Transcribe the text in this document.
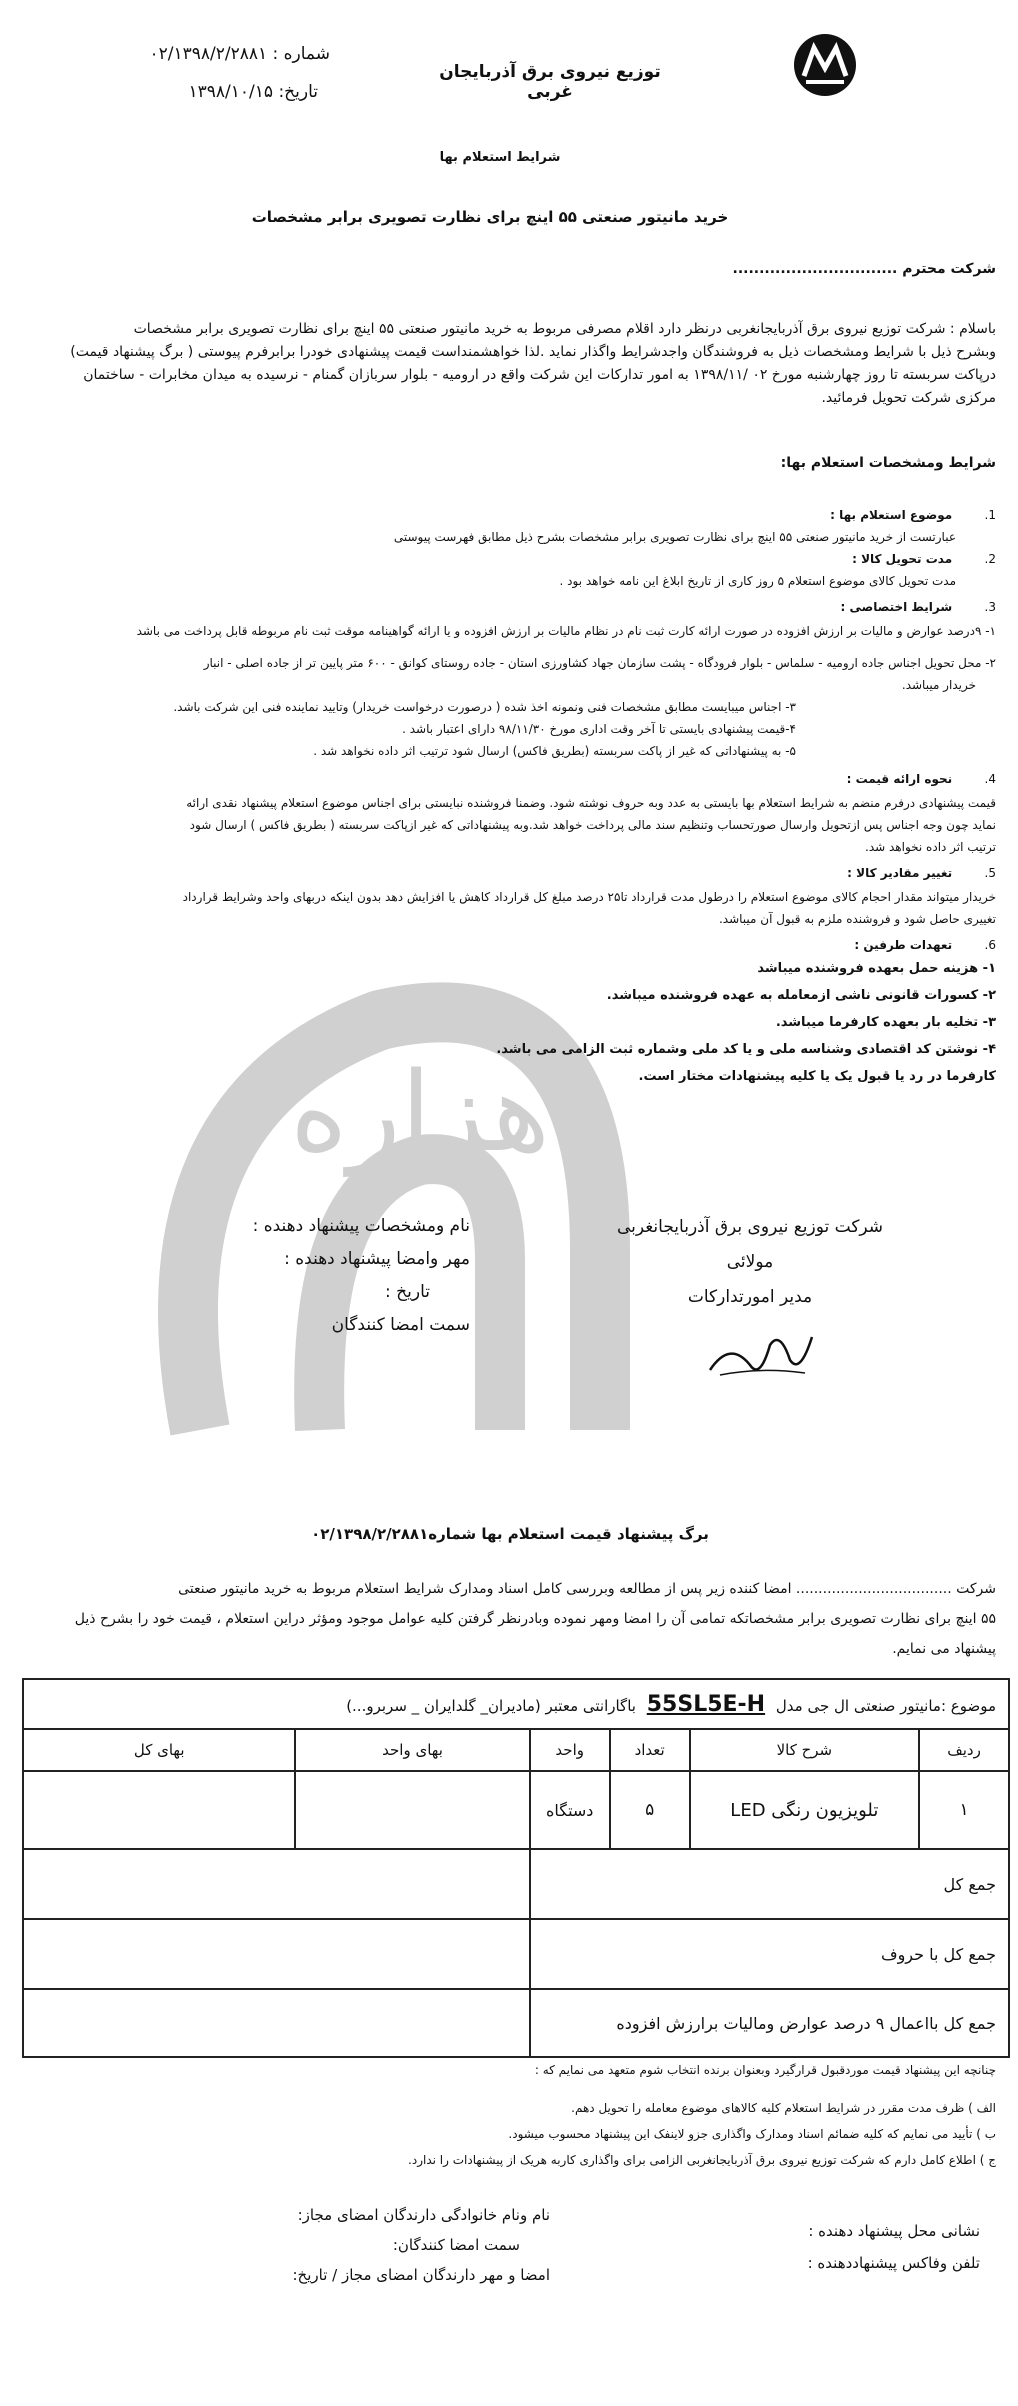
هزاره
توزیع نیروی برق آذربایجان غربی
شماره : ۰۲/۱۳۹۸/۲/۲۸۸۱
تاریخ: ۱۳۹۸/۱۰/۱۵
شرایط استعلام بها
خرید مانیتور صنعتی ۵۵ اینچ برای نظارت تصویری برابر مشخصات
شرکت محترم ...............................
باسلام : شرکت توزیع نیروی برق آذربایجانغربی درنظر دارد اقلام مصرفی مربوط به خرید مانیتور صنعتی ۵۵ اینچ برای نظارت تصویری برابر مشخصات
وبشرح ذیل با شرایط ومشخصات ذیل به فروشندگان واجدشرایط واگذار نماید .لذا خواهشمنداست قیمت پیشنهادی خودرا برابرفرم پیوستی ( برگ پیشنهاد قیمت)
درپاکت سربسته تا روز چهارشنبه مورخ ۰۲ /۱۳۹۸/۱۱ به امور تدارکات این شرکت واقع در ارومیه - بلوار سربازان گمنام - نرسیده به میدان مخابرات - ساختمان
مرکزی شرکت تحویل فرمائید.
شرایط ومشخصات استعلام بها:
1. موضوع استعلام بها :
عبارتست از خرید مانیتور صنعتی ۵۵ اینچ برای نظارت تصویری برابر مشخصات بشرح ذیل مطابق فهرست پیوستی
2. مدت تحویل کالا :
مدت تحویل کالای موضوع استعلام ۵ روز کاری از تاریخ ابلاغ این نامه خواهد بود .
3. شرایط اختصاصی :
۱- ۹درصد عوارض و مالیات بر ارزش افزوده در صورت ارائه کارت ثبت نام در نظام مالیات بر ارزش افزوده و یا ارائه گواهینامه موقت ثبت نام مربوطه قابل پرداخت می باشد
۲- محل تحویل اجناس جاده ارومیه - سلماس - بلوار فرودگاه - پشت سازمان جهاد کشاورزی استان - جاده روستای کوانق - ۶۰۰ متر پایین تر از جاده اصلی - انبار
خریدار میباشد.
۳- اجناس میبایست مطابق مشخصات فنی ونمونه اخذ شده ( درصورت درخواست خریدار) وتایید نماینده فنی این شرکت باشد.
۴-قیمت پیشنهادی بایستی تا آخر وقت اداری مورخ ۹۸/۱۱/۳۰ دارای اعتبار باشد .
۵- به پیشنهاداتی که غیر از پاکت سربسته (بطریق فاکس) ارسال شود ترتیب اثر داده نخواهد شد .
4. نحوه ارائه قیمت :
قیمت پیشنهادی درفرم منضم به شرایط استعلام بها بایستی به عدد وبه حروف نوشته شود. وضمنا فروشنده نبایستی برای اجناس موضوع استعلام پیشنهاد نقدی ارائه
نماید چون وجه اجناس پس ازتحویل وارسال صورتحساب وتنظیم سند مالی پرداخت خواهد شد.وبه پیشنهاداتی که غیر ازپاکت سربسته ( بطریق فاکس ) ارسال شود
ترتیب اثر داده نخواهد شد.
5. تغییر مقادیر کالا :
خریدار میتواند مقدار احجام کالای موضوع استعلام را درطول مدت قرارداد تا۲۵ درصد مبلغ کل قرارداد کاهش یا افزایش دهد بدون اینکه دربهای واحد وشرایط قرارداد
تغییری حاصل شود و فروشنده ملزم به قبول آن میباشد.
6. تعهدات طرفین :
۱- هزینه حمل بعهده فروشنده میباشد
۲- کسورات قانونی ناشی ازمعامله به عهده فروشنده میباشد.
۳- تخلیه بار بعهده کارفرما میباشد.
۴- نوشتن کد اقتصادی وشناسه ملی و یا کد ملی وشماره ثبت الزامی می باشد.
کارفرما در رد یا قبول یک یا کلیه پیشنهادات مختار است.
نام ومشخصات پیشنهاد دهنده :
مهر وامضا پیشنهاد دهنده :
تاریخ :
سمت امضا کنندگان
شرکت توزیع نیروی برق آذربایجانغربی
مولائی
مدیر امورتدارکات
برگ پیشنهاد قیمت استعلام بها شماره۰۲/۱۳۹۸/۲/۲۸۸۱
شرکت ................................... امضا کننده زیر پس از مطالعه وبررسی کامل اسناد ومدارک شرایط استعلام مربوط به خرید مانیتور صنعتی
۵۵ اینچ برای نظارت تصویری برابر مشخصاتکه تمامی آن را امضا ومهر نموده وبادرنظر گرفتن کلیه عوامل موجود ومؤثر دراین استعلام ، قیمت خود را بشرح ذیل
پیشنهاد می نمایم.
موضوع :مانیتور صنعتی ال جی مدل 55SL5E-H باگارانتی معتبر (مادیران_ گلدایران _ سربرو...)					
ردیف	شرح کالا	تعداد	واحد	بهای واحد	بهای کل
۱	تلویزیون رنگی LED	۵	دستگاه		
جمع کل					
جمع کل با حروف					
جمع کل بااعمال ۹ درصد عوارض ومالیات برارزش افزوده					
چنانچه این پیشنهاد قیمت موردقبول قرارگیرد وبعنوان برنده انتخاب شوم متعهد می نمایم که :
الف ) ظرف مدت مقرر در شرایط استعلام کلیه کالاهای موضوع معامله را تحویل دهم.
ب ) تأیید می نمایم که کلیه ضمائم اسناد ومدارک واگذاری جزو لاینفک این پیشنهاد محسوب میشود.
ج ) اطلاع کامل دارم که شرکت توزیع نیروی برق آذربایجانغربی الزامی برای واگذاری کاربه هریک از پیشنهادات را ندارد.
نام ونام خانوادگی دارندگان امضای مجاز:
سمت امضا کنندگان:
امضا و مهر دارندگان امضای مجاز / تاریخ:
نشانی محل پیشنهاد دهنده :
تلفن وفاکس پیشنهاددهنده :
